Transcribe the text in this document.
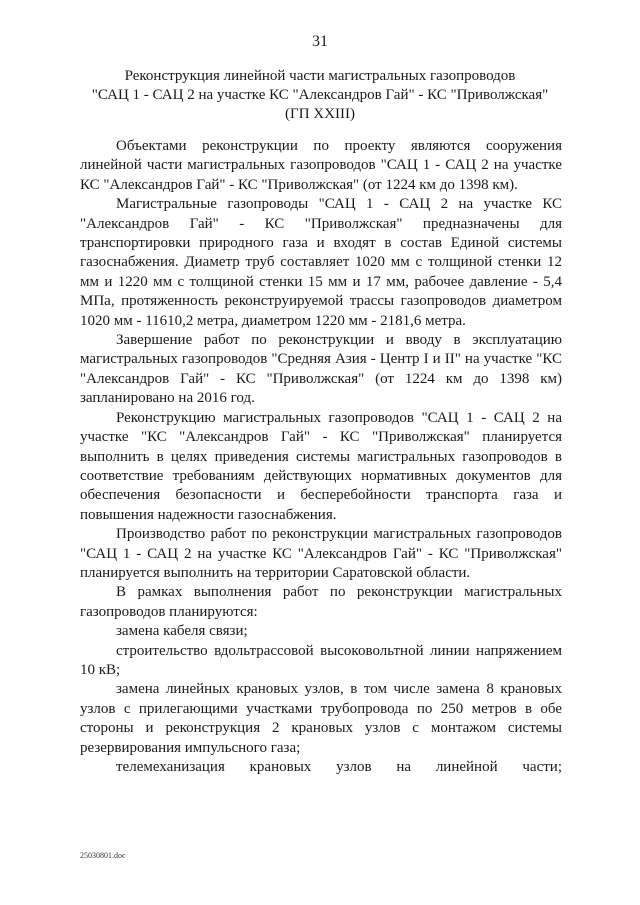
31
Реконструкция линейной части магистральных газопроводов
"САЦ 1 - САЦ 2 на участке КС "Александров Гай" - КС "Приволжская"
(ГП XXIII)

Объектами реконструкции по проекту являются сооружения линейной части магистральных газопроводов "САЦ 1 - САЦ 2 на участке КС "Александров Гай" - КС "Приволжская" (от 1224 км до 1398 км).

Магистральные газопроводы "САЦ 1 - САЦ 2 на участке КС "Александров Гай" - КС "Приволжская" предназначены для транспортировки природного газа и входят в состав Единой системы газоснабжения. Диаметр труб составляет 1020 мм с толщиной стенки 12 мм и 1220 мм с толщиной стенки 15 мм и 17 мм, рабочее давление - 5,4 МПа, протяженность реконструируемой трассы газопроводов диаметром 1020 мм - 11610,2 метра, диаметром 1220 мм - 2181,6 метра.

Завершение работ по реконструкции и вводу в эксплуатацию магистральных газопроводов "Средняя Азия - Центр I и II" на участке "КС "Александров Гай" - КС "Приволжская" (от 1224 км до 1398 км) запланировано на 2016 год.

Реконструкцию магистральных газопроводов "САЦ 1 - САЦ 2 на участке "КС "Александров Гай" - КС "Приволжская" планируется выполнить в целях приведения системы магистральных газопроводов в соответствие требованиям действующих нормативных документов для обеспечения безопасности и бесперебойности транспорта газа и повышения надежности газоснабжения.

Производство работ по реконструкции магистральных газопроводов "САЦ 1 - САЦ 2 на участке КС "Александров Гай" - КС "Приволжская" планируется выполнить на территории Саратовской области.

В рамках выполнения работ по реконструкции магистральных газопроводов планируются:

замена кабеля связи;

строительство вдольтрассовой высоковольтной линии напряжением 10 кВ;

замена линейных крановых узлов, в том числе замена 8 крановых узлов с прилегающими участками трубопровода по 250 метров в обе стороны и реконструкция 2 крановых узлов с монтажом системы резервирования импульсного газа;

телемеханизация крановых узлов на линейной части;

25030801.doc
